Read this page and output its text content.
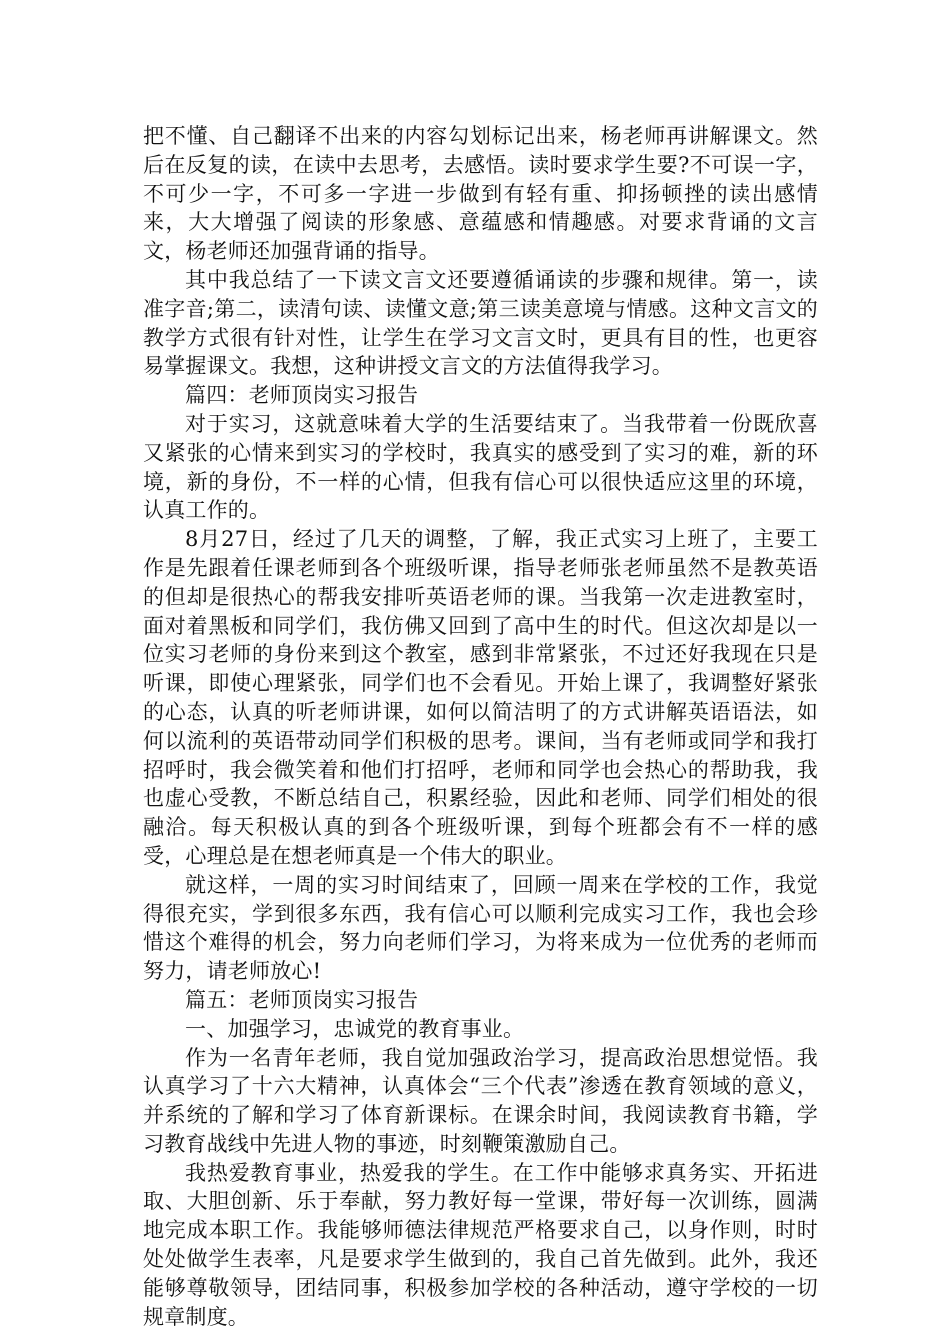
把不懂、自己翻译不出来的内容勾划标记出来，杨老师再讲解课文。然后在反复的读，在读中去思考，去感悟。读时要求学生要?不可误一字，不可少一字，不可多一字进一步做到有轻有重、抑扬顿挫的读出感情来，大大增强了阅读的形象感、意蕴感和情趣感。对要求背诵的文言文，杨老师还加强背诵的指导。

其中我总结了一下读文言文还要遵循诵读的步骤和规律。第一，读准字音;第二，读清句读、读懂文意;第三读美意境与情感。这种文言文的教学方式很有针对性，让学生在学习文言文时，更具有目的性，也更容易掌握课文。我想，这种讲授文言文的方法值得我学习。

篇四：老师顶岗实习报告

对于实习，这就意味着大学的生活要结束了。当我带着一份既欣喜又紧张的心情来到实习的学校时，我真实的感受到了实习的难，新的环境，新的身份，不一样的心情，但我有信心可以很快适应这里的环境，认真工作的。

8月27日，经过了几天的调整，了解，我正式实习上班了，主要工作是先跟着任课老师到各个班级听课，指导老师张老师虽然不是教英语的但却是很热心的帮我安排听英语老师的课。当我第一次走进教室时，面对着黑板和同学们，我仿佛又回到了高中生的时代。但这次却是以一位实习老师的身份来到这个教室，感到非常紧张，不过还好我现在只是听课，即使心理紧张，同学们也不会看见。开始上课了，我调整好紧张的心态，认真的听老师讲课，如何以简洁明了的方式讲解英语语法，如何以流利的英语带动同学们积极的思考。课间，当有老师或同学和我打招呼时，我会微笑着和他们打招呼，老师和同学也会热心的帮助我，我也虚心受教，不断总结自己，积累经验，因此和老师、同学们相处的很融洽。每天积极认真的到各个班级听课，到每个班都会有不一样的感受，心理总是在想老师真是一个伟大的职业。

就这样，一周的实习时间结束了，回顾一周来在学校的工作，我觉得很充实，学到很多东西，我有信心可以顺利完成实习工作，我也会珍惜这个难得的机会，努力向老师们学习，为将来成为一位优秀的老师而努力，请老师放心!

篇五：老师顶岗实习报告

一、加强学习，忠诚党的教育事业。

作为一名青年老师，我自觉加强政治学习，提高政治思想觉悟。我认真学习了十六大精神，认真体会“三个代表”渗透在教育领域的意义，并系统的了解和学习了体育新课标。在课余时间，我阅读教育书籍，学习教育战线中先进人物的事迹，时刻鞭策激励自己。

我热爱教育事业，热爱我的学生。在工作中能够求真务实、开拓进取、大胆创新、乐于奉献，努力教好每一堂课，带好每一次训练，圆满地完成本职工作。我能够师德法律规范严格要求自己，以身作则，时时处处做学生表率，凡是要求学生做到的，我自己首先做到。此外，我还能够尊敬领导，团结同事，积极参加学校的各种活动，遵守学校的一切规章制度。
